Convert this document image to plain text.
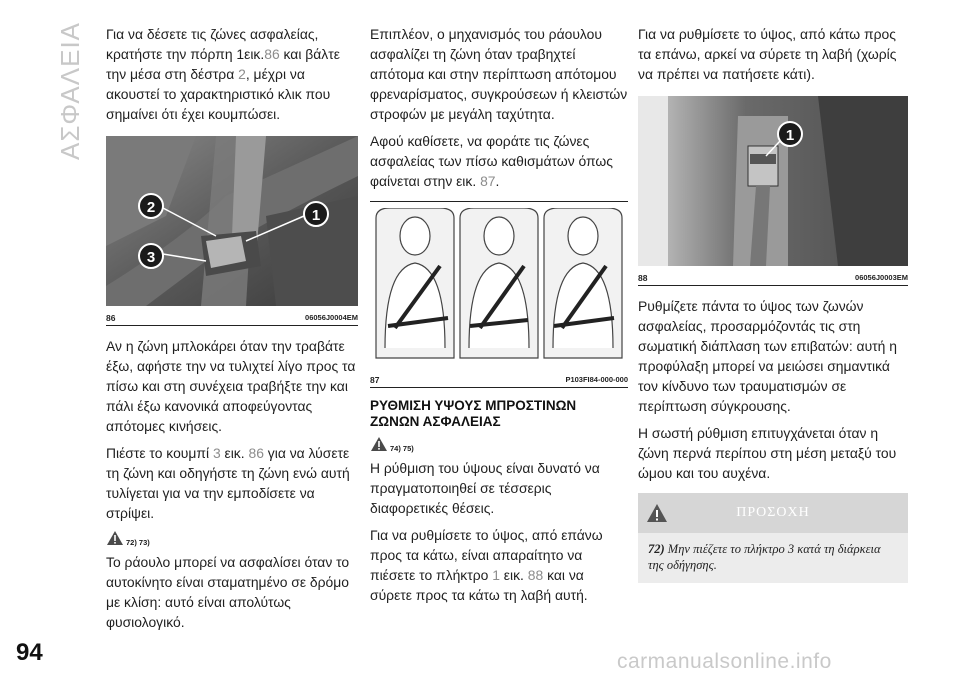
ΑΣΦΑΛΕΙΑ Για να δέσετε τις ζώνες ασφαλείας, κρατήστε την πόρπη 1εικ.86 και βάλτε την μέσα στη δέστρα 2, μέχρι να ακουστεί το χαρακτηριστικό κλικ που σημαίνει ότι έχει κουμπώσει.

1
2
3
86	06056J0004EM

Αν η ζώνη μπλοκάρει όταν την τραβάτε έξω, αφήστε την να τυλιχτεί λίγο προς τα πίσω και στη συνέχεια τραβήξτε την και πάλι έξω κανονικά αποφεύγοντας απότομες κινήσεις.

Πιέστε το κουμπί 3 εικ. 86 για να λύσετε τη ζώνη και οδηγήστε τη ζώνη ενώ αυτή τυλίγεται για να την εμποδίσετε να στρίψει.

72) 73)

Το ράουλο μπορεί να ασφαλίσει όταν το αυτοκίνητο είναι σταματημένο σε δρόμο με κλίση: αυτό είναι απολύτως φυσιολογικό.

Επιπλέον, ο μηχανισμός του ράουλου ασφαλίζει τη ζώνη όταν τραβηχτεί απότομα και στην περίπτωση απότομου φρεναρίσματος, συγκρούσεων ή κλειστών στροφών με μεγάλη ταχύτητα.

Αφού καθίσετε, να φοράτε τις ζώνες ασφαλείας των πίσω καθισμάτων όπως φαίνεται στην εικ. 87.

87	P103FI84-000-000
ΡΥΘΜΙΣΗ ΥΨΟΥΣ ΜΠΡΟΣΤΙΝΩΝ ΖΩΝΩΝ ΑΣΦΑΛΕΙΑΣ
74) 75)

Η ρύθμιση του ύψους είναι δυνατό να πραγματοποιηθεί σε τέσσερις διαφορετικές θέσεις.

Για να ρυθμίσετε το ύψος, από επάνω προς τα κάτω, είναι απαραίτητο να πιέσετε το πλήκτρο 1 εικ. 88 και να σύρετε προς τα κάτω τη λαβή αυτή.

Για να ρυθμίσετε το ύψος, από κάτω προς τα επάνω, αρκεί να σύρετε τη λαβή (χωρίς να πρέπει να πατήσετε κάτι).

1
88	06056J0003EM

Ρυθμίζετε πάντα το ύψος των ζωνών ασφαλείας, προσαρμόζοντάς τις στη σωματική διάπλαση των επιβατών: αυτή η προφύλαξη μπορεί να μειώσει σημαντικά τον κίνδυνο των τραυματισμών σε περίπτωση σύγκρουσης.

Η σωστή ρύθμιση επιτυγχάνεται όταν η ζώνη περνά περίπου στη μέση μεταξύ του ώμου και του αυχένα.

ΠΡΟΣΟΧΗ
72) Μην πιέζετε το πλήκτρο 3 κατά τη διάρκεια της οδήγησης.
94	carmanualsonline.info
